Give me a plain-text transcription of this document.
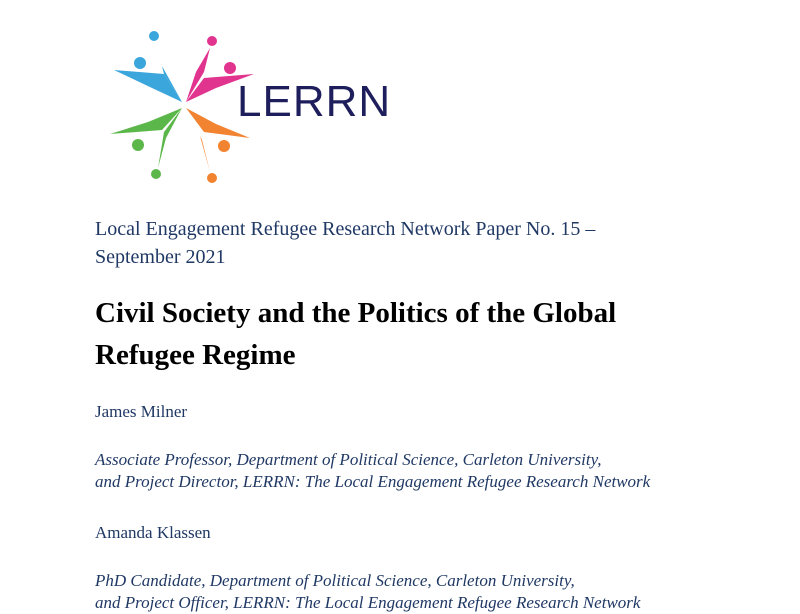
LERRN
Local Engagement Refugee Research Network Paper No. 15 –
September 2021
Civil Society and the Politics of the Global
Refugee Regime
James Milner
Associate Professor, Department of Political Science, Carleton University,
and Project Director, LERRN: The Local Engagement Refugee Research Network
Amanda Klassen
PhD Candidate, Department of Political Science, Carleton University,
and Project Officer, LERRN: The Local Engagement Refugee Research Network
